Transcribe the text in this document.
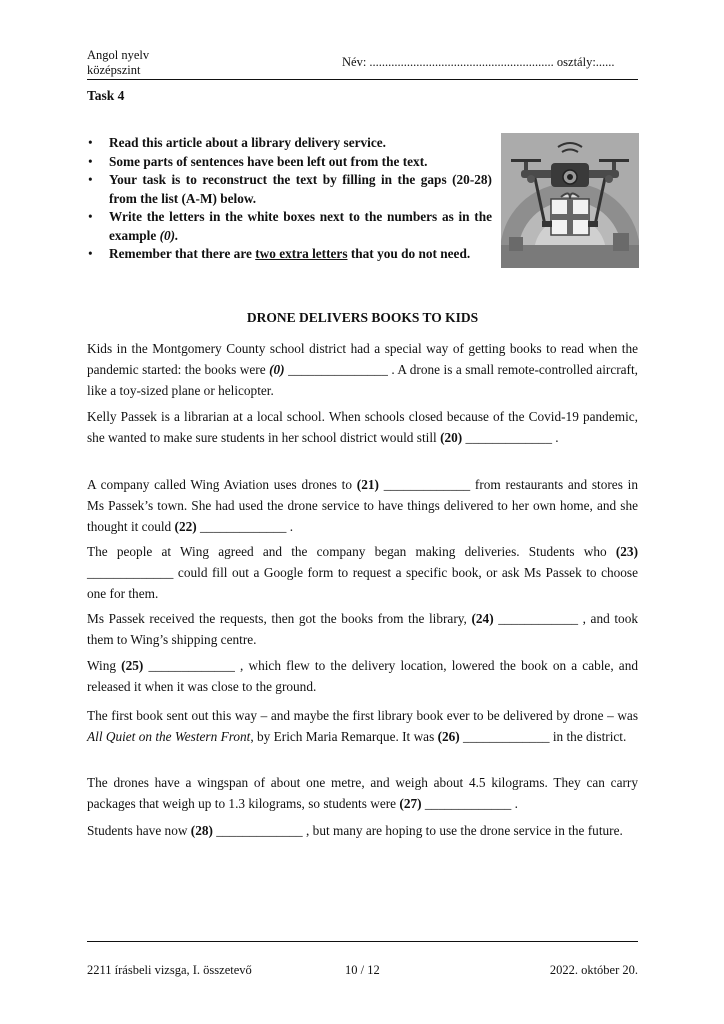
Angol nyelv
középszint
Név: ........................................................... osztály:......
Task 4
• Read this article about a library delivery service.
• Some parts of sentences have been left out from the text.
• Your task is to reconstruct the text by filling in the gaps (20-28) from the list (A-M) below.
• Write the letters in the white boxes next to the numbers as in the example (0).
• Remember that there are two extra letters that you do not need.
DRONE DELIVERS BOOKS TO KIDS

Kids in the Montgomery County school district had a special way of getting books to read when the pandemic started: the books were (0) _______________ . A drone is a small remote-controlled aircraft, like a toy-sized plane or helicopter.

Kelly Passek is a librarian at a local school. When schools closed because of the Covid-19 pandemic, she wanted to make sure students in her school district would still (20) _____________ .

A company called Wing Aviation uses drones to (21) _____________ from restaurants and stores in Ms Passek’s town. She had used the drone service to have things delivered to her own home, and she thought it could (22) _____________ .

The people at Wing agreed and the company began making deliveries. Students who (23) _____________ could fill out a Google form to request a specific book, or ask Ms Passek to choose one for them.

Ms Passek received the requests, then got the books from the library, (24) ____________ , and took them to Wing’s shipping centre.

Wing (25) _____________ , which flew to the delivery location, lowered the book on a cable, and released it when it was close to the ground.

The first book sent out this way – and maybe the first library book ever to be delivered by drone – was All Quiet on the Western Front, by Erich Maria Remarque. It was (26) _____________ in the district.

The drones have a wingspan of about one metre, and weigh about 4.5 kilograms. They can carry packages that weigh up to 1.3 kilograms, so students were (27) _____________ .

Students have now (28) _____________ , but many are hoping to use the drone service in the future.

2211 írásbeli vizsga, I. összetevő	10 / 12	2022. október 20.
